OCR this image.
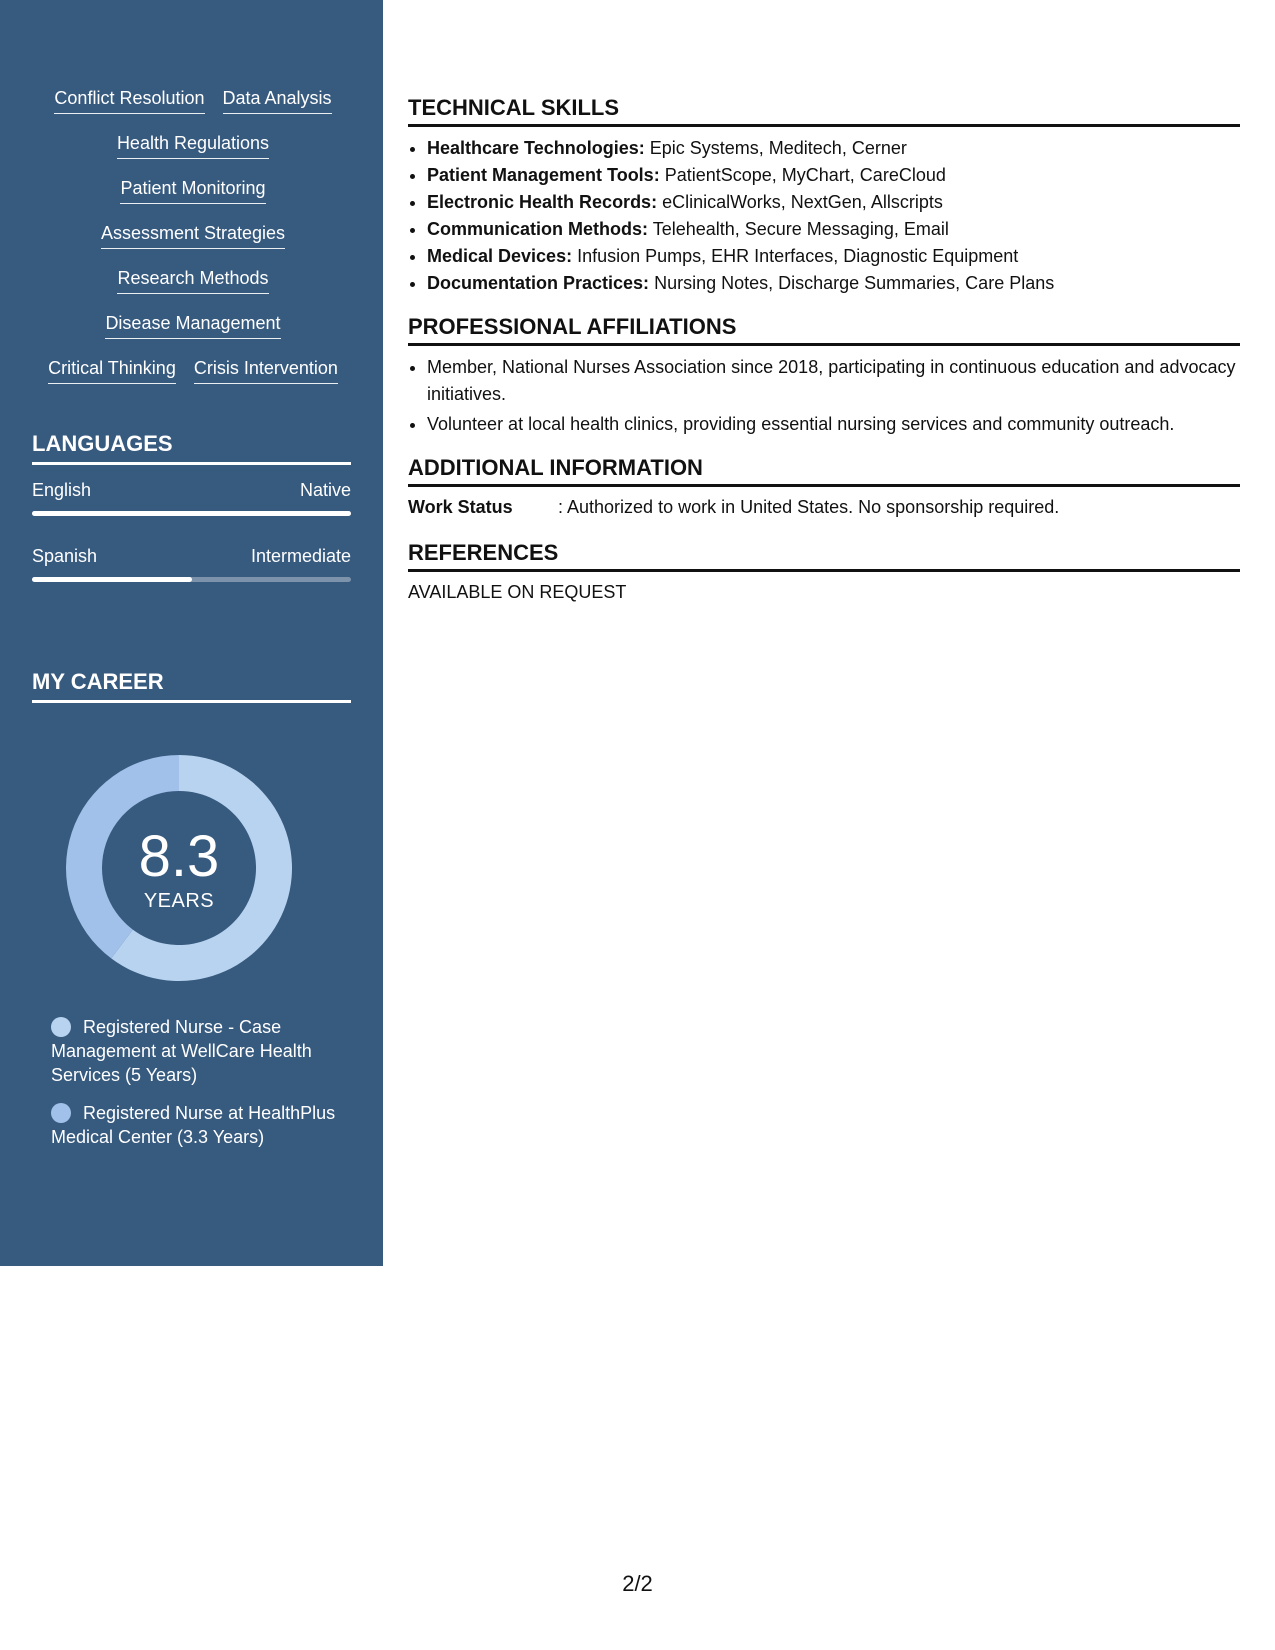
Conflict Resolution Data Analysis
Health Regulations
Patient Monitoring
Assessment Strategies
Research Methods
Disease Management
Critical Thinking Crisis Intervention
LANGUAGES
English	Native
Spanish	Intermediate
MY CAREER
8.3
YEARS
Registered Nurse - Case Management at WellCare Health Services (5 Years)
Registered Nurse at HealthPlus Medical Center (3.3 Years)
TECHNICAL SKILLS
• Healthcare Technologies: Epic Systems, Meditech, Cerner
• Patient Management Tools: PatientScope, MyChart, CareCloud
• Electronic Health Records: eClinicalWorks, NextGen, Allscripts
• Communication Methods: Telehealth, Secure Messaging, Email
• Medical Devices: Infusion Pumps, EHR Interfaces, Diagnostic Equipment
• Documentation Practices: Nursing Notes, Discharge Summaries, Care Plans
PROFESSIONAL AFFILIATIONS
• Member, National Nurses Association since 2018, participating in continuous education and advocacy initiatives.
• Volunteer at local health clinics, providing essential nursing services and community outreach.
ADDITIONAL INFORMATION
Work Status	: Authorized to work in United States. No sponsorship required.
REFERENCES
AVAILABLE ON REQUEST
2/2
